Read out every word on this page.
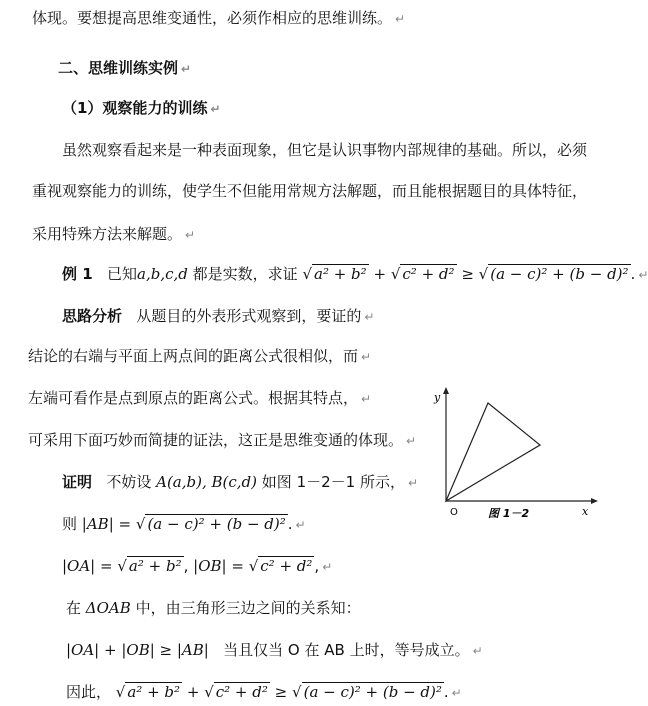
体现。要想提高思维变通性，必须作相应的思维训练。 ↵
二、思维训练实例 ↵
（1）观察能力的训练 ↵
虽然观察看起来是一种表面现象，但它是认识事物内部规律的基础。所以，必须
重视观察能力的训练，使学生不但能用常规方法解题，而且能根据题目的具体特征，
采用特殊方法来解题。 ↵
例 1 已知a,b,c,d 都是实数，求证 √ a² + b² + √ c² + d² ≥ √ (a − c)² + (b − d)² . ↵
思路分析 从题目的外表形式观察到，要证的 ↵
结论的右端与平面上两点间的距离公式很相似，而 ↵
左端可看作是点到原点的距离公式。根据其特点， ↵
可采用下面巧妙而简捷的证法，这正是思维变通的体现。 ↵
证明 不妨设 A(a,b), B(c,d) 如图 1－2－1 所示， ↵
则 |AB| = √ (a − c)² + (b − d)² . ↵
|OA| = √ a² + b² , |OB| = √ c² + d² , ↵
在 ΔOAB 中，由三角形三边之间的关系知：
|OA| + |OB| ≥ |AB| 当且仅当 O 在 AB 上时，等号成立。 ↵
因此， √ a² + b² + √ c² + d² ≥ √ (a − c)² + (b − d)² . ↵
y
x
O	图 1－2
